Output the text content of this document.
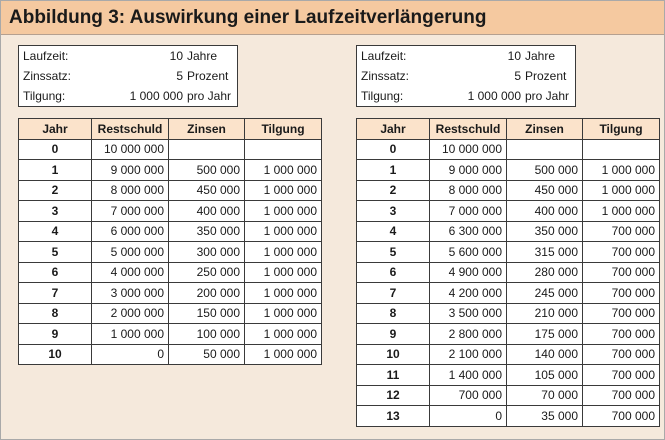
Abbildung 3: Auswirkung einer Laufzeitverlängerung
Laufzeit:	10	Jahre
Zinssatz:	5	Prozent
Tilgung:	1 000 000	pro Jahr
Laufzeit:	10	Jahre
Zinssatz:	5	Prozent
Tilgung:	1 000 000	pro Jahr
Jahr	Restschuld	Zinsen	Tilgung
0	10 000 000		
1	9 000 000	500 000	1 000 000
2	8 000 000	450 000	1 000 000
3	7 000 000	400 000	1 000 000
4	6 000 000	350 000	1 000 000
5	5 000 000	300 000	1 000 000
6	4 000 000	250 000	1 000 000
7	3 000 000	200 000	1 000 000
8	2 000 000	150 000	1 000 000
9	1 000 000	100 000	1 000 000
10	0	50 000	1 000 000
Jahr	Restschuld	Zinsen	Tilgung
0	10 000 000		
1	9 000 000	500 000	1 000 000
2	8 000 000	450 000	1 000 000
3	7 000 000	400 000	1 000 000
4	6 300 000	350 000	700 000
5	5 600 000	315 000	700 000
6	4 900 000	280 000	700 000
7	4 200 000	245 000	700 000
8	3 500 000	210 000	700 000
9	2 800 000	175 000	700 000
10	2 100 000	140 000	700 000
11	1 400 000	105 000	700 000
12	700 000	70 000	700 000
13	0	35 000	700 000
